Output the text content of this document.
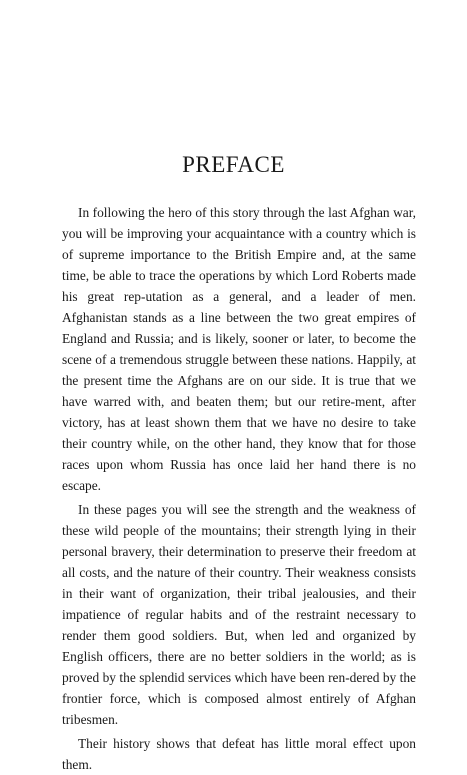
PREFACE

In following the hero of this story through the last Afghan war, you will be improving your acquaintance with a country which is of supreme importance to the British Empire and, at the same time, be able to trace the operations by which Lord Roberts made his great rep-utation as a general, and a leader of men. Afghanistan stands as a line between the two great empires of England and Russia; and is likely, sooner or later, to become the scene of a tremendous struggle between these nations. Happily, at the present time the Afghans are on our side. It is true that we have warred with, and beaten them; but our retire-ment, after victory, has at least shown them that we have no desire to take their country while, on the other hand, they know that for those races upon whom Russia has once laid her hand there is no escape.

In these pages you will see the strength and the weakness of these wild people of the mountains; their strength lying in their personal bravery, their determination to preserve their freedom at all costs, and the nature of their country. Their weakness consists in their want of organization, their tribal jealousies, and their impatience of regular habits and of the restraint necessary to render them good soldiers. But, when led and organized by English officers, there are no better soldiers in the world; as is proved by the splendid services which have been ren-dered by the frontier force, which is composed almost entirely of Afghan tribesmen.

Their history shows that defeat has little moral effect upon them.
